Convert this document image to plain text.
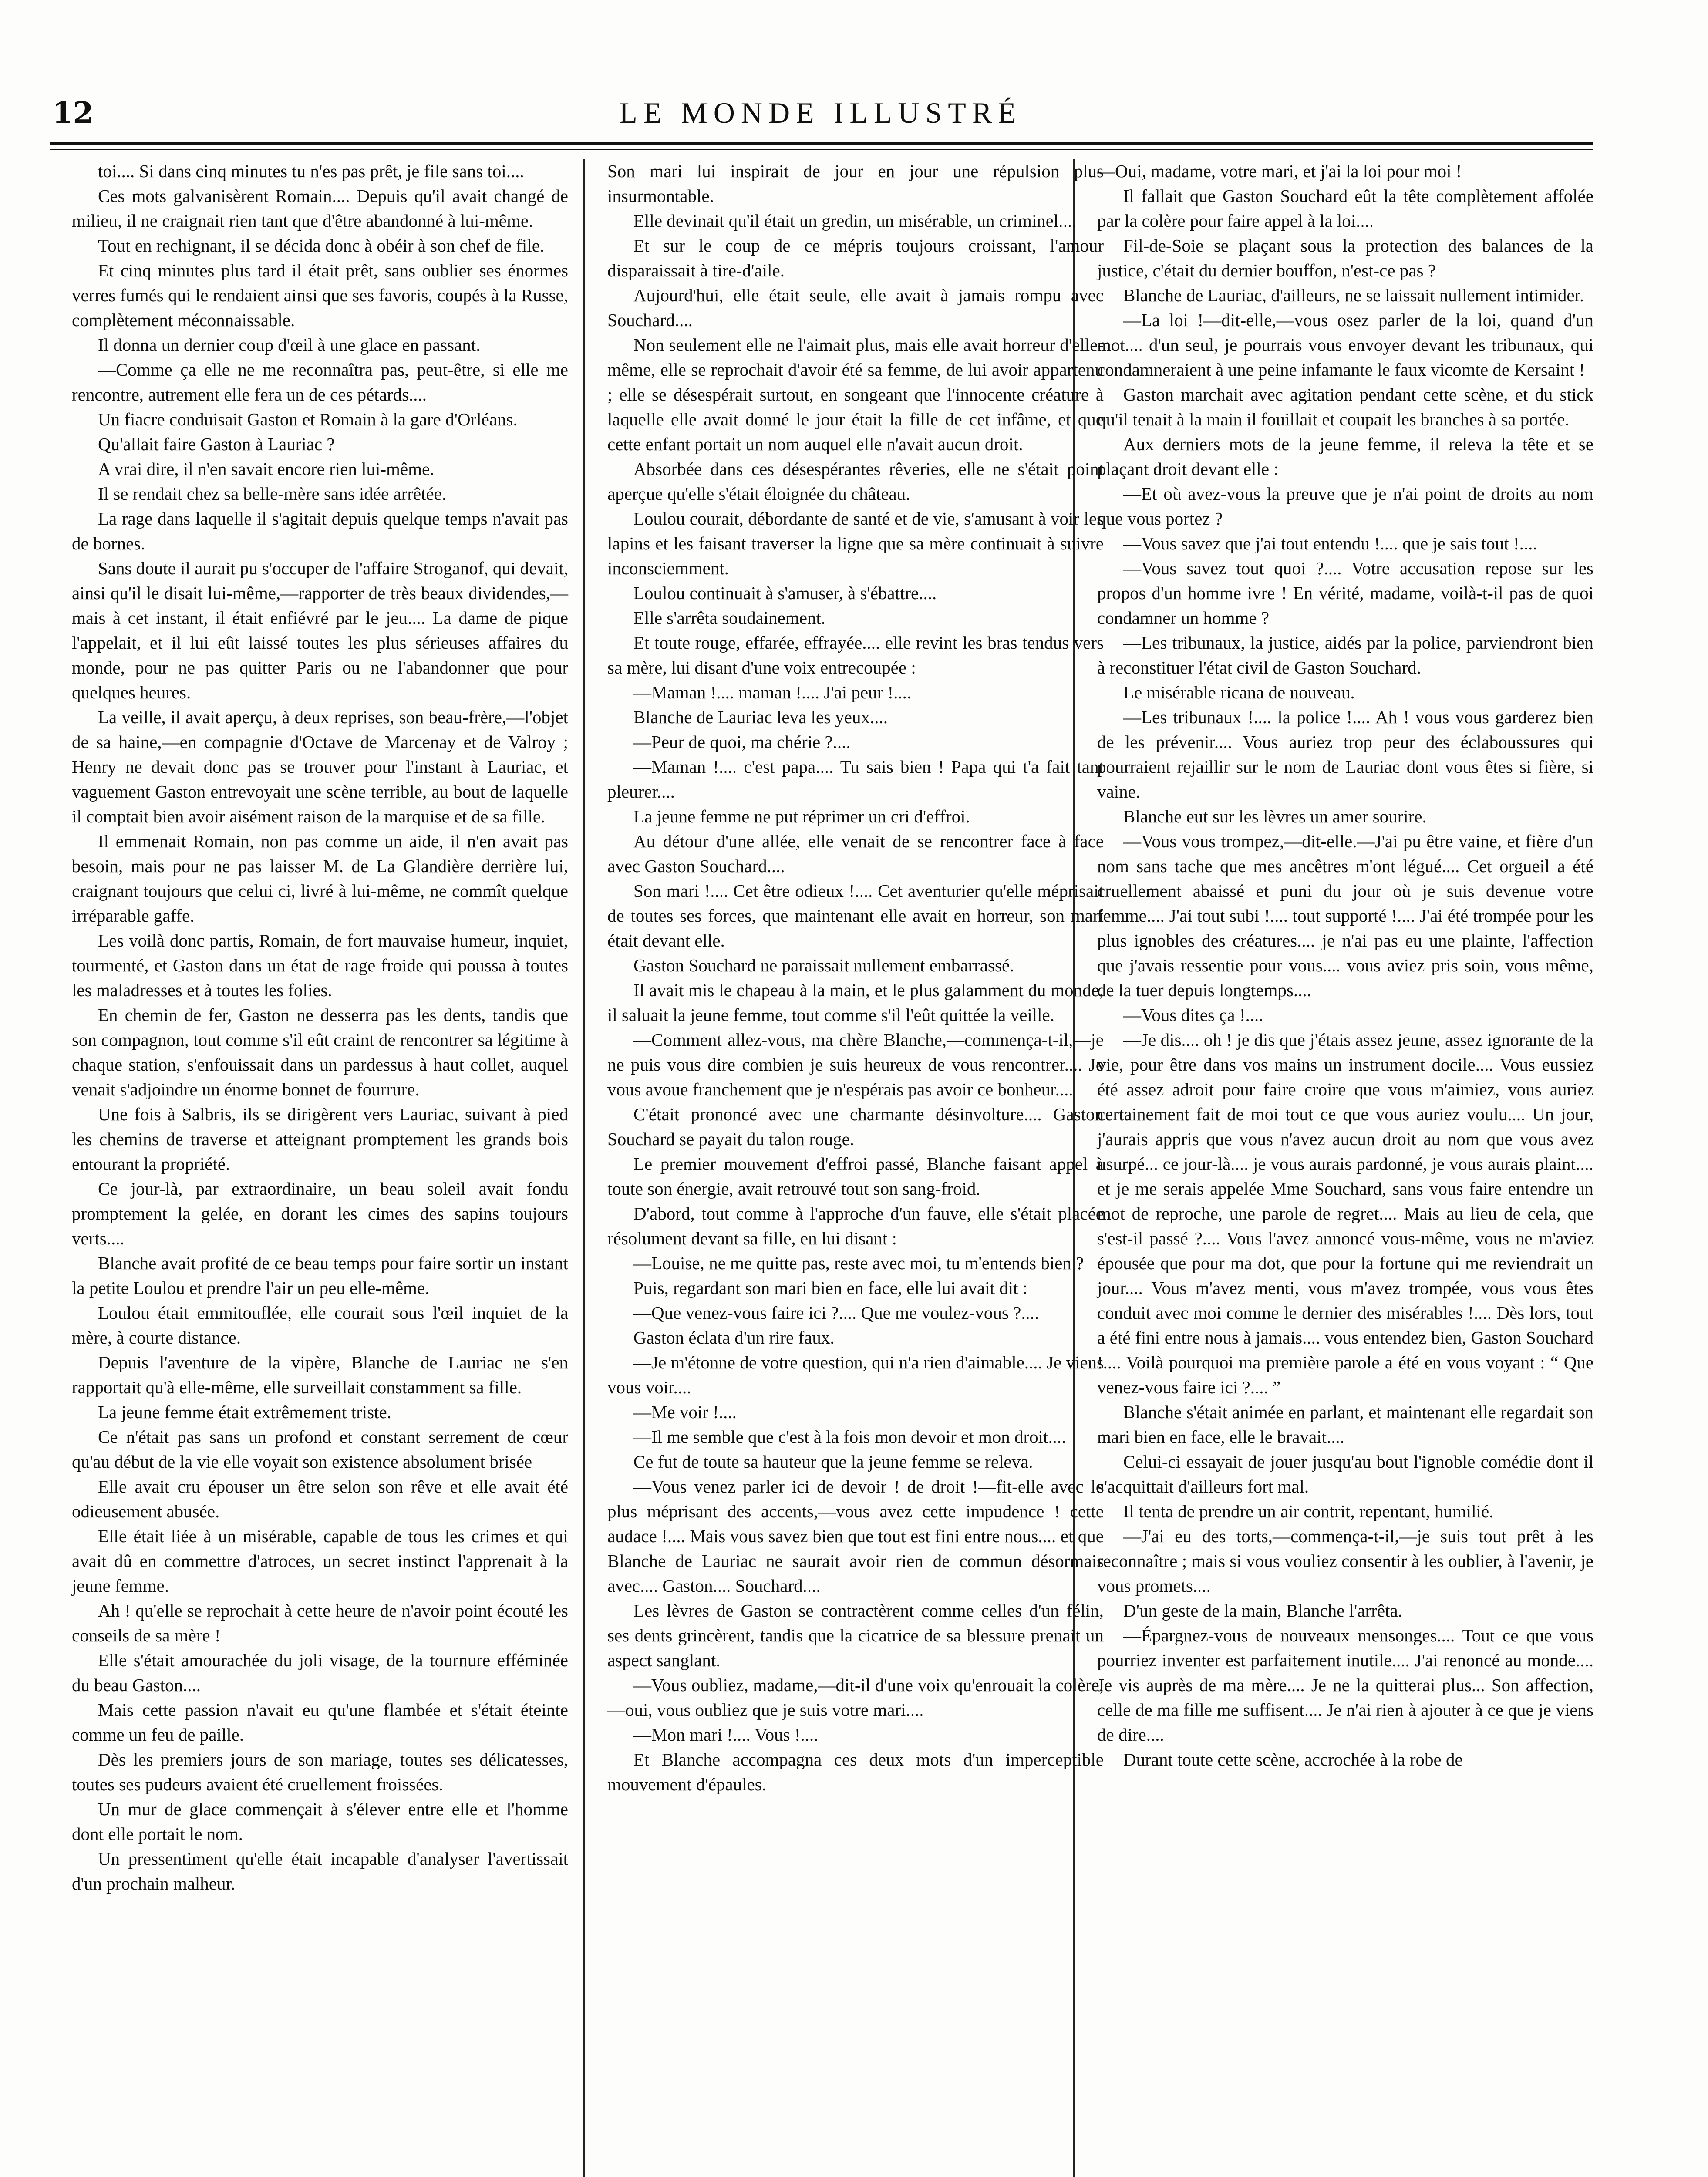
12	LE MONDE ILLUSTRÉ

toi.... Si dans cinq minutes tu n'es pas prêt, je file sans toi....

Ces mots galvanisèrent Romain.... Depuis qu'il avait changé de milieu, il ne craignait rien tant que d'être abandonné à lui-même.

Tout en rechignant, il se décida donc à obéir à son chef de file.

Et cinq minutes plus tard il était prêt, sans oublier ses énormes verres fumés qui le rendaient ainsi que ses favoris, coupés à la Russe, complètement méconnaissable.

Il donna un dernier coup d'œil à une glace en passant.

—Comme ça elle ne me reconnaîtra pas, peut-être, si elle me rencontre, autrement elle fera un de ces pétards....

Un fiacre conduisait Gaston et Romain à la gare d'Orléans.

Qu'allait faire Gaston à Lauriac ?

A vrai dire, il n'en savait encore rien lui-même.

Il se rendait chez sa belle-mère sans idée arrêtée.

La rage dans laquelle il s'agitait depuis quelque temps n'avait pas de bornes.

Sans doute il aurait pu s'occuper de l'affaire Stroganof, qui devait, ainsi qu'il le disait lui-même,—rapporter de très beaux dividendes,—mais à cet instant, il était enfiévré par le jeu.... La dame de pique l'appelait, et il lui eût laissé toutes les plus sérieuses affaires du monde, pour ne pas quitter Paris ou ne l'abandonner que pour quelques heures.

La veille, il avait aperçu, à deux reprises, son beau-frère,—l'objet de sa haine,—en compagnie d'Octave de Marcenay et de Valroy ; Henry ne devait donc pas se trouver pour l'instant à Lauriac, et vaguement Gaston entrevoyait une scène terrible, au bout de laquelle il comptait bien avoir aisément raison de la marquise et de sa fille.

Il emmenait Romain, non pas comme un aide, il n'en avait pas besoin, mais pour ne pas laisser M. de La Glandière derrière lui, craignant toujours que celui ci, livré à lui-même, ne commît quelque irréparable gaffe.

Les voilà donc partis, Romain, de fort mauvaise humeur, inquiet, tourmenté, et Gaston dans un état de rage froide qui poussa à toutes les maladresses et à toutes les folies.

En chemin de fer, Gaston ne desserra pas les dents, tandis que son compagnon, tout comme s'il eût craint de rencontrer sa légitime à chaque station, s'enfouissait dans un pardessus à haut collet, auquel venait s'adjoindre un énorme bonnet de fourrure.

Une fois à Salbris, ils se dirigèrent vers Lauriac, suivant à pied les chemins de traverse et atteignant promptement les grands bois entourant la propriété.

Ce jour-là, par extraordinaire, un beau soleil avait fondu promptement la gelée, en dorant les cimes des sapins toujours verts....

Blanche avait profité de ce beau temps pour faire sortir un instant la petite Loulou et prendre l'air un peu elle-même.

Loulou était emmitouflée, elle courait sous l'œil inquiet de la mère, à courte distance.

Depuis l'aventure de la vipère, Blanche de Lauriac ne s'en rapportait qu'à elle-même, elle surveillait constamment sa fille.

La jeune femme était extrêmement triste.

Ce n'était pas sans un profond et constant serrement de cœur qu'au début de la vie elle voyait son existence absolument brisée

Elle avait cru épouser un être selon son rêve et elle avait été odieusement abusée.

Elle était liée à un misérable, capable de tous les crimes et qui avait dû en commettre d'atroces, un secret instinct l'apprenait à la jeune femme.

Ah ! qu'elle se reprochait à cette heure de n'avoir point écouté les conseils de sa mère !

Elle s'était amourachée du joli visage, de la tournure efféminée du beau Gaston....

Mais cette passion n'avait eu qu'une flambée et s'était éteinte comme un feu de paille.

Dès les premiers jours de son mariage, toutes ses délicatesses, toutes ses pudeurs avaient été cruellement froissées.

Un mur de glace commençait à s'élever entre elle et l'homme dont elle portait le nom.

Un pressentiment qu'elle était incapable d'analyser l'avertissait d'un prochain malheur.

Son mari lui inspirait de jour en jour une répulsion plus insurmontable.

Elle devinait qu'il était un gredin, un misérable, un criminel....

Et sur le coup de ce mépris toujours croissant, l'amour disparaissait à tire-d'aile.

Aujourd'hui, elle était seule, elle avait à jamais rompu avec Souchard....

Non seulement elle ne l'aimait plus, mais elle avait horreur d'elle-même, elle se reprochait d'avoir été sa femme, de lui avoir appartenu ; elle se désespérait surtout, en songeant que l'innocente créature à laquelle elle avait donné le jour était la fille de cet infâme, et que cette enfant portait un nom auquel elle n'avait aucun droit.

Absorbée dans ces désespérantes rêveries, elle ne s'était point aperçue qu'elle s'était éloignée du château.

Loulou courait, débordante de santé et de vie, s'amusant à voir les lapins et les faisant traverser la ligne que sa mère continuait à suivre inconsciemment.

Loulou continuait à s'amuser, à s'ébattre....

Elle s'arrêta soudainement.

Et toute rouge, effarée, effrayée.... elle revint les bras tendus vers sa mère, lui disant d'une voix entrecoupée :

—Maman !.... maman !.... J'ai peur !....

Blanche de Lauriac leva les yeux....

—Peur de quoi, ma chérie ?....

—Maman !.... c'est papa.... Tu sais bien ! Papa qui t'a fait tant pleurer....

La jeune femme ne put réprimer un cri d'effroi.

Au détour d'une allée, elle venait de se rencontrer face à face avec Gaston Souchard....

Son mari !.... Cet être odieux !.... Cet aventurier qu'elle méprisait de toutes ses forces, que maintenant elle avait en horreur, son mari était devant elle.

Gaston Souchard ne paraissait nullement embarrassé.

Il avait mis le chapeau à la main, et le plus galamment du monde, il saluait la jeune femme, tout comme s'il l'eût quittée la veille.

—Comment allez-vous, ma chère Blanche,—commença-t-il,—je ne puis vous dire combien je suis heureux de vous rencontrer.... Je vous avoue franchement que je n'espérais pas avoir ce bonheur....

C'était prononcé avec une charmante désinvolture.... Gaston Souchard se payait du talon rouge.

Le premier mouvement d'effroi passé, Blanche faisant appel à toute son énergie, avait retrouvé tout son sang-froid.

D'abord, tout comme à l'approche d'un fauve, elle s'était placée résolument devant sa fille, en lui disant :

—Louise, ne me quitte pas, reste avec moi, tu m'entends bien ?

Puis, regardant son mari bien en face, elle lui avait dit :

—Que venez-vous faire ici ?.... Que me voulez-vous ?....

Gaston éclata d'un rire faux.

—Je m'étonne de votre question, qui n'a rien d'aimable.... Je viens vous voir....

—Me voir !....

—Il me semble que c'est à la fois mon devoir et mon droit....

Ce fut de toute sa hauteur que la jeune femme se releva.

—Vous venez parler ici de devoir ! de droit !—fit-elle avec le plus méprisant des accents,—vous avez cette impudence ! cette audace !.... Mais vous savez bien que tout est fini entre nous.... et que Blanche de Lauriac ne saurait avoir rien de commun désormais avec.... Gaston.... Souchard....

Les lèvres de Gaston se contractèrent comme celles d'un félin, ses dents grincèrent, tandis que la cicatrice de sa blessure prenait un aspect sanglant.

—Vous oubliez, madame,—dit-il d'une voix qu'enrouait la colère,—oui, vous oubliez que je suis votre mari....

—Mon mari !.... Vous !....

Et Blanche accompagna ces deux mots d'un imperceptible mouvement d'épaules.

—Oui, madame, votre mari, et j'ai la loi pour moi !

Il fallait que Gaston Souchard eût la tête complètement affolée par la colère pour faire appel à la loi....

Fil-de-Soie se plaçant sous la protection des balances de la justice, c'était du dernier bouffon, n'est-ce pas ?

Blanche de Lauriac, d'ailleurs, ne se laissait nullement intimider.

—La loi !—dit-elle,—vous osez parler de la loi, quand d'un mot.... d'un seul, je pourrais vous envoyer devant les tribunaux, qui condamneraient à une peine infamante le faux vicomte de Kersaint !

Gaston marchait avec agitation pendant cette scène, et du stick qu'il tenait à la main il fouillait et coupait les branches à sa portée.

Aux derniers mots de la jeune femme, il releva la tête et se plaçant droit devant elle :

—Et où avez-vous la preuve que je n'ai point de droits au nom que vous portez ?

—Vous savez que j'ai tout entendu !.... que je sais tout !....

—Vous savez tout quoi ?.... Votre accusation repose sur les propos d'un homme ivre ! En vérité, madame, voilà-t-il pas de quoi condamner un homme ?

—Les tribunaux, la justice, aidés par la police, parviendront bien à reconstituer l'état civil de Gaston Souchard.

Le misérable ricana de nouveau.

—Les tribunaux !.... la police !.... Ah ! vous vous garderez bien de les prévenir.... Vous auriez trop peur des éclaboussures qui pourraient rejaillir sur le nom de Lauriac dont vous êtes si fière, si vaine.

Blanche eut sur les lèvres un amer sourire.

—Vous vous trompez,—dit-elle.—J'ai pu être vaine, et fière d'un nom sans tache que mes ancêtres m'ont légué.... Cet orgueil a été cruellement abaissé et puni du jour où je suis devenue votre femme.... J'ai tout subi !.... tout supporté !.... J'ai été trompée pour les plus ignobles des créatures.... je n'ai pas eu une plainte, l'affection que j'avais ressentie pour vous.... vous aviez pris soin, vous même, de la tuer depuis longtemps....

—Vous dites ça !....

—Je dis.... oh ! je dis que j'étais assez jeune, assez ignorante de la vie, pour être dans vos mains un instrument docile.... Vous eussiez été assez adroit pour faire croire que vous m'aimiez, vous auriez certainement fait de moi tout ce que vous auriez voulu.... Un jour, j'aurais appris que vous n'avez aucun droit au nom que vous avez usurpé... ce jour-là.... je vous aurais pardonné, je vous aurais plaint.... et je me serais appelée Mme Souchard, sans vous faire entendre un mot de reproche, une parole de regret.... Mais au lieu de cela, que s'est-il passé ?.... Vous l'avez annoncé vous-même, vous ne m'aviez épousée que pour ma dot, que pour la fortune qui me reviendrait un jour.... Vous m'avez menti, vous m'avez trompée, vous vous êtes conduit avec moi comme le dernier des misérables !.... Dès lors, tout a été fini entre nous à jamais.... vous entendez bien, Gaston Souchard !.... Voilà pourquoi ma première parole a été en vous voyant : “ Que venez-vous faire ici ?.... ”

Blanche s'était animée en parlant, et maintenant elle regardait son mari bien en face, elle le bravait....

Celui-ci essayait de jouer jusqu'au bout l'ignoble comédie dont il s'acquittait d'ailleurs fort mal.

Il tenta de prendre un air contrit, repentant, humilié.

—J'ai eu des torts,—commença-t-il,—je suis tout prêt à les reconnaître ; mais si vous vouliez consentir à les oublier, à l'avenir, je vous promets....

D'un geste de la main, Blanche l'arrêta.

—Épargnez-vous de nouveaux mensonges.... Tout ce que vous pourriez inventer est parfaitement inutile.... J'ai renoncé au monde.... Je vis auprès de ma mère.... Je ne la quitterai plus... Son affection, celle de ma fille me suffisent.... Je n'ai rien à ajouter à ce que je viens de dire....

Durant toute cette scène, accrochée à la robe de
